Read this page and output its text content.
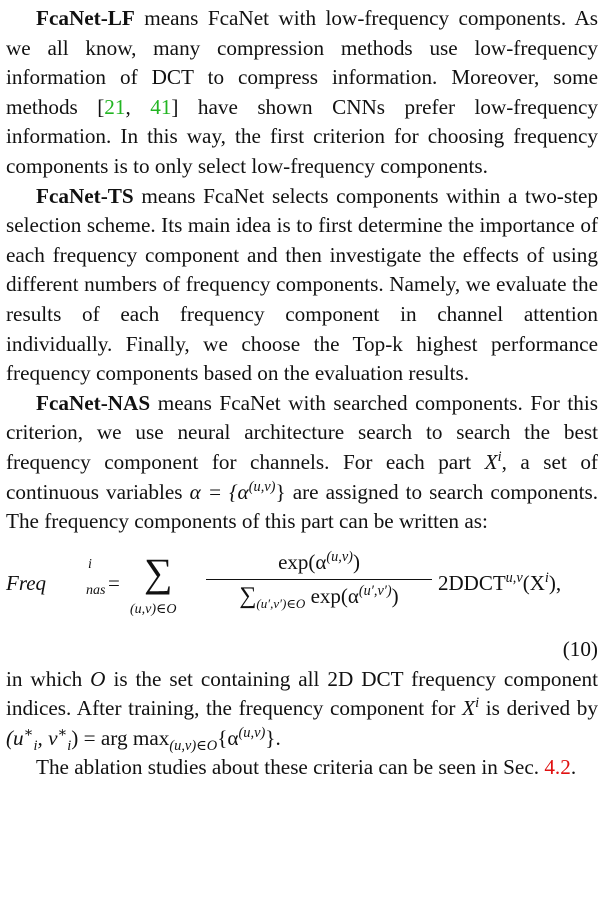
FcaNet-LF means FcaNet with low-frequency components. As we all know, many compression methods use low-frequency information of DCT to compress information. Moreover, some methods [21, 41] have shown CNNs prefer low-frequency information. In this way, the first criterion for choosing frequency components is to only select low-frequency components.

FcaNet-TS means FcaNet selects components within a two-step selection scheme. Its main idea is to first determine the importance of each frequency component and then investigate the effects of using different numbers of frequency components. Namely, we evaluate the results of each frequency component in channel attention individually. Finally, we choose the Top-k highest performance frequency components based on the evaluation results.

FcaNet-NAS means FcaNet with searched components. For this criterion, we use neural architecture search to search the best frequency component for channels. For each part $X^i$, a set of continuous variables $\alpha = \{\alpha^{(u,v)}\}$ are assigned to search components. The frequency components of this part can be written as:

Freq
i
nas = ∑
(u,v)∈O
$\exp(\alpha^{(u,v)})$
$\sum_{(u',v')\in O}$ $\exp(\alpha^{(u',v')})$
$2DDCT^{u,v}(X^i)$,
(10)

in which O is the set containing all 2D DCT frequency component indices. After training, the frequency component for $X^i$ is derived by ($u^∗_i$, $v^∗_i$) = arg $\max_{(u,v)\in O}\{\alpha^{(u,v)}\}$.

The ablation studies about these criteria can be seen in Sec. 4.2.
